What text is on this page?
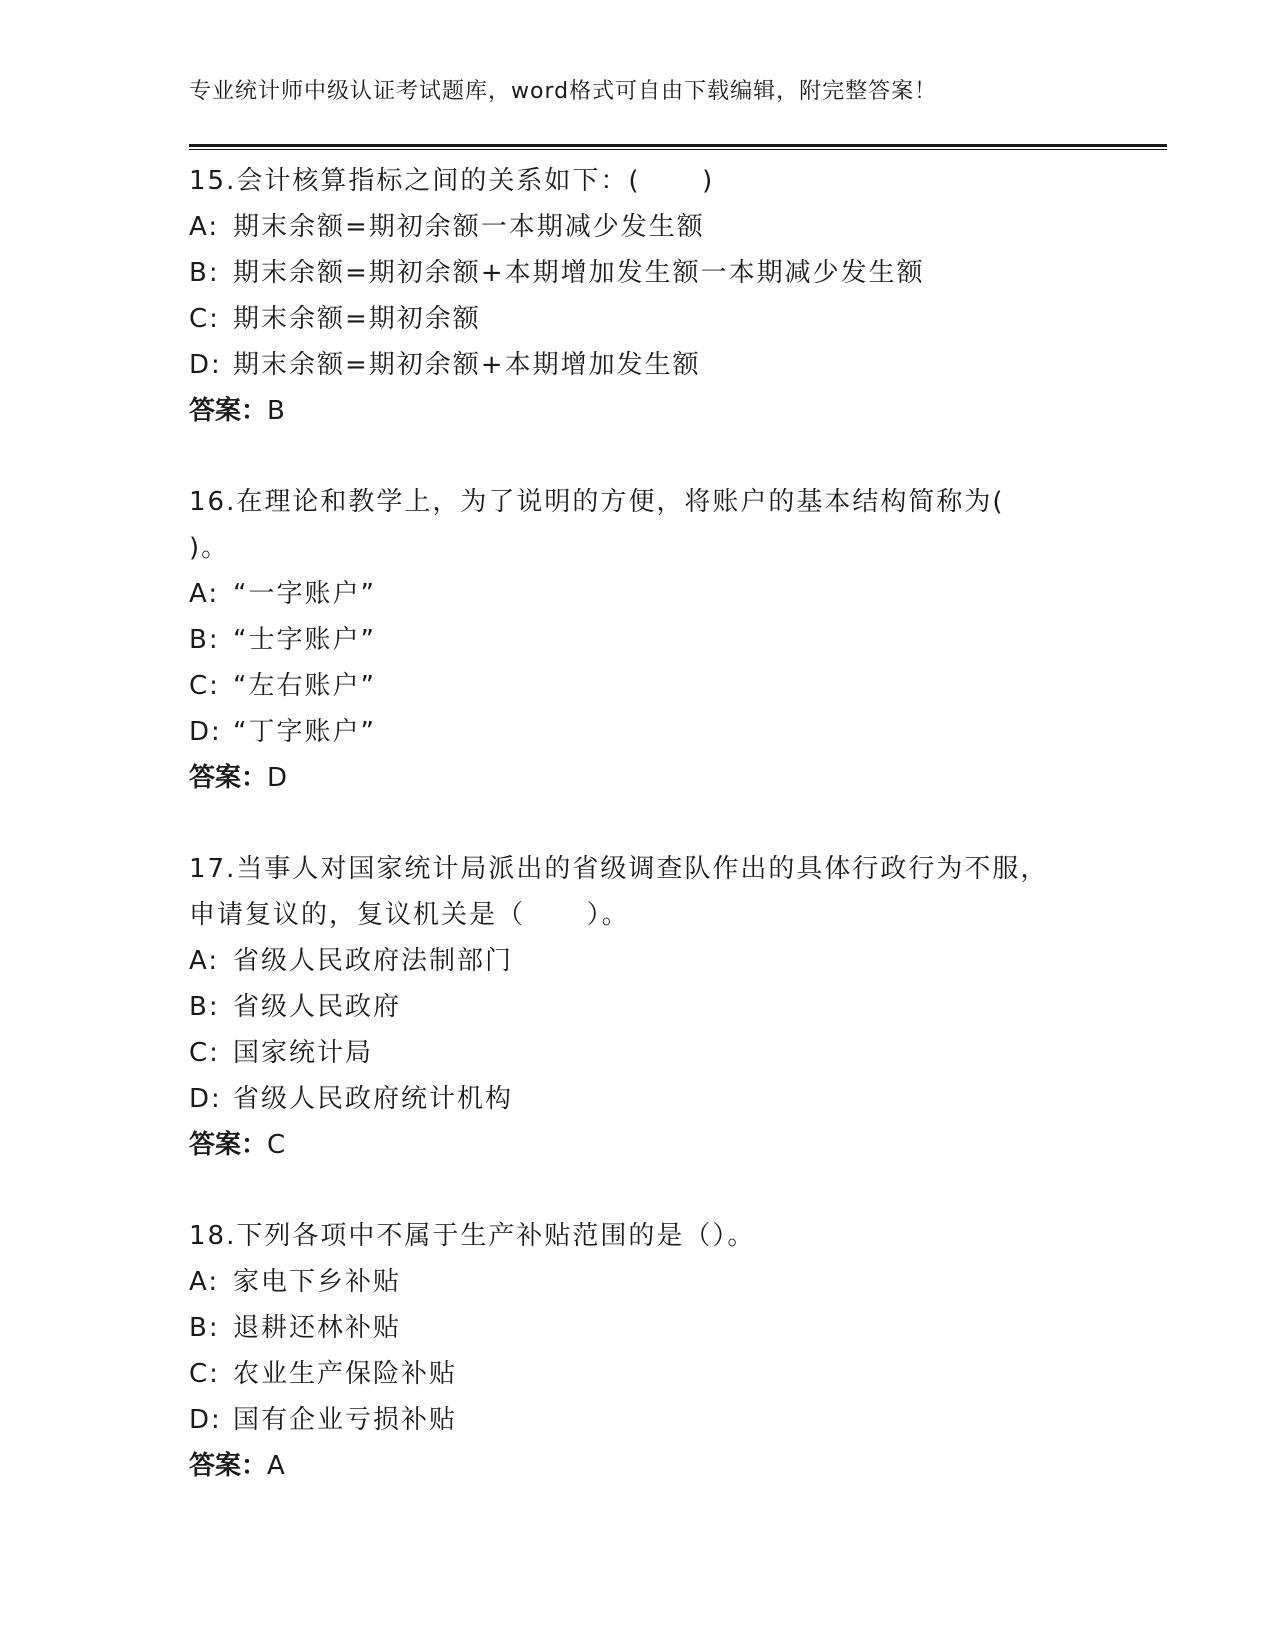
专业统计师中级认证考试题库，word格式可自由下载编辑，附完整答案！
15.会计核算指标之间的关系如下：(      )
A: 期末余额=期初余额一本期减少发生额
B: 期末余额=期初余额+本期增加发生额一本期减少发生额
C: 期末余额=期初余额
D: 期末余额=期初余额+本期增加发生额
答案：B
16.在理论和教学上，为了说明的方便，将账户的基本结构简称为(
)。
A: “一字账户”
B: “士字账户”
C: “左右账户”
D: “丁字账户”
答案：D
17.当事人对国家统计局派出的省级调查队作出的具体行政行为不服，
申请复议的，复议机关是（      ）。
A: 省级人民政府法制部门
B: 省级人民政府
C: 国家统计局
D: 省级人民政府统计机构
答案：C
18.下列各项中不属于生产补贴范围的是（）。
A: 家电下乡补贴
B: 退耕还林补贴
C: 农业生产保险补贴
D: 国有企业亏损补贴
答案：A
